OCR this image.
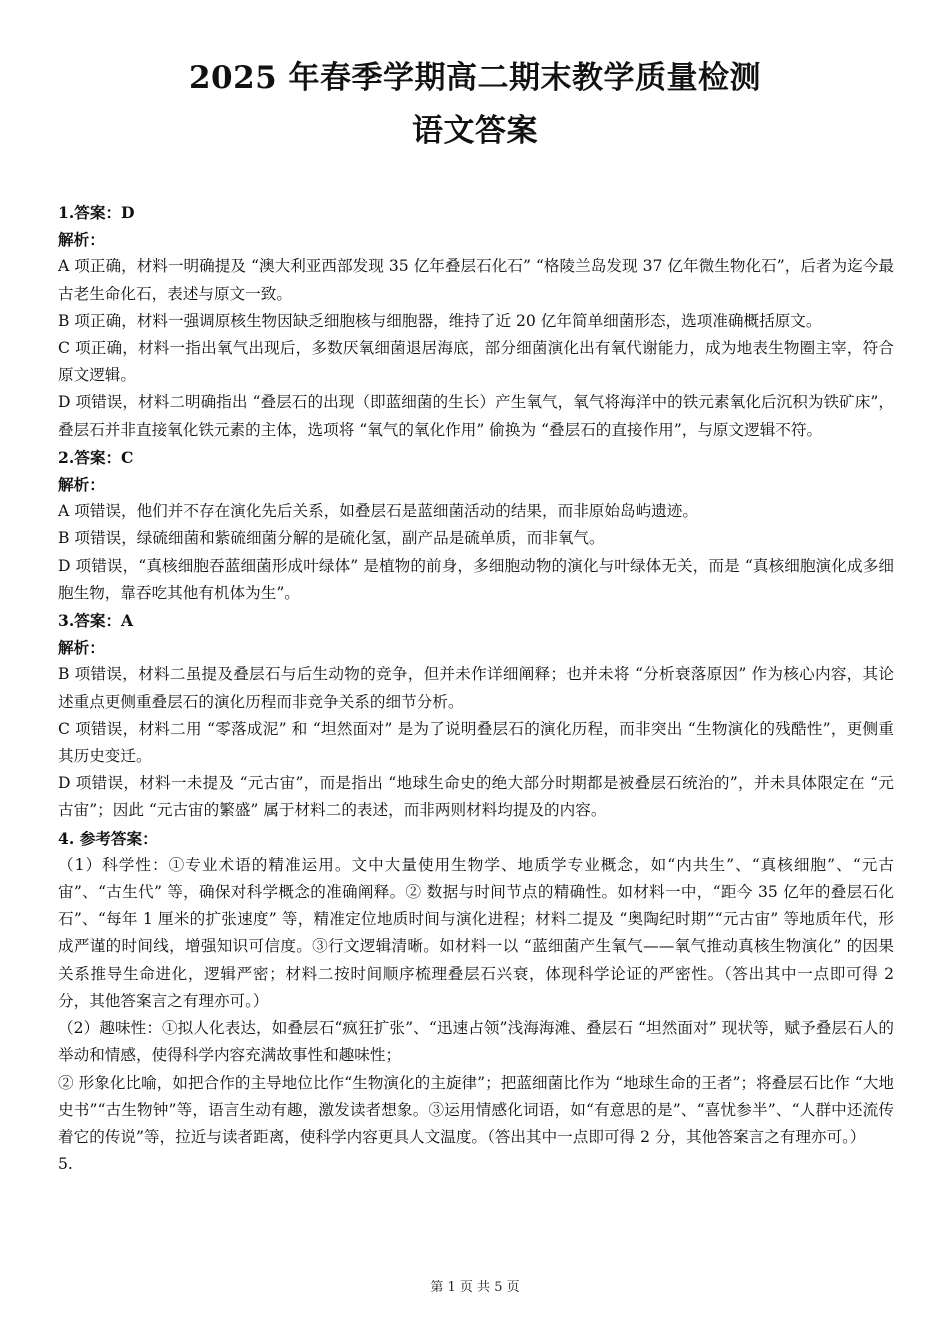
2025 年春季学期高二期末教学质量检测
语文答案

1.答案：D

解析：

A 项正确，材料一明确提及 “澳大利亚西部发现 35 亿年叠层石化石” “格陵兰岛发现 37 亿年微生物化石”，后者为迄今最古老生命化石，表述与原文一致。

B 项正确，材料一强调原核生物因缺乏细胞核与细胞器，维持了近 20 亿年简单细菌形态，选项准确概括原文。

C 项正确，材料一指出氧气出现后，多数厌氧细菌退居海底，部分细菌演化出有氧代谢能力，成为地表生物圈主宰，符合原文逻辑。

D 项错误，材料二明确指出 “叠层石的出现（即蓝细菌的生长）产生氧气，氧气将海洋中的铁元素氧化后沉积为铁矿床”，叠层石并非直接氧化铁元素的主体，选项将 “氧气的氧化作用” 偷换为 “叠层石的直接作用”，与原文逻辑不符。

2.答案：C

解析：

A 项错误，他们并不存在演化先后关系，如叠层石是蓝细菌活动的结果，而非原始岛屿遗迹。

B 项错误，绿硫细菌和紫硫细菌分解的是硫化氢，副产品是硫单质，而非氧气。

D 项错误，“真核细胞吞蓝细菌形成叶绿体” 是植物的前身，多细胞动物的演化与叶绿体无关，而是 “真核细胞演化成多细胞生物，靠吞吃其他有机体为生”。

3.答案：A

解析：

B 项错误，材料二虽提及叠层石与后生动物的竞争，但并未作详细阐释；也并未将 “分析衰落原因” 作为核心内容，其论述重点更侧重叠层石的演化历程而非竞争关系的细节分析。

C 项错误，材料二用 “零落成泥” 和 “坦然面对” 是为了说明叠层石的演化历程，而非突出 “生物演化的残酷性”，更侧重其历史变迁。

D 项错误，材料一未提及 “元古宙”，而是指出 “地球生命史的绝大部分时期都是被叠层石统治的”，并未具体限定在 “元古宙”；因此 “元古宙的繁盛” 属于材料二的表述，而非两则材料均提及的内容。

4. 参考答案：

（1）科学性：①专业术语的精准运用。文中大量使用生物学、地质学专业概念，如“内共生”、“真核细胞”、“元古宙”、“古生代” 等，确保对科学概念的准确阐释。② 数据与时间节点的精确性。如材料一中，“距今 35 亿年的叠层石化石”、“每年 1 厘米的扩张速度” 等，精准定位地质时间与演化进程；材料二提及 “奥陶纪时期”“元古宙” 等地质年代，形成严谨的时间线，增强知识可信度。③行文逻辑清晰。如材料一以 “蓝细菌产生氧气——氧气推动真核生物演化” 的因果关系推导生命进化，逻辑严密；材料二按时间顺序梳理叠层石兴衰，体现科学论证的严密性。（答出其中一点即可得 2 分，其他答案言之有理亦可。）

（2）趣味性：①拟人化表达，如叠层石“疯狂扩张”、“迅速占领”浅海海滩、叠层石 “坦然面对” 现状等，赋予叠层石人的举动和情感，使得科学内容充满故事性和趣味性；

② 形象化比喻，如把合作的主导地位比作“生物演化的主旋律”；把蓝细菌比作为 “地球生命的王者”；将叠层石比作 “大地史书”“古生物钟”等，语言生动有趣，激发读者想象。③运用情感化词语，如“有意思的是”、“喜忧参半”、“人群中还流传着它的传说”等，拉近与读者距离，使科学内容更具人文温度。（答出其中一点即可得 2 分，其他答案言之有理亦可。）

5.

第 1 页 共 5 页
